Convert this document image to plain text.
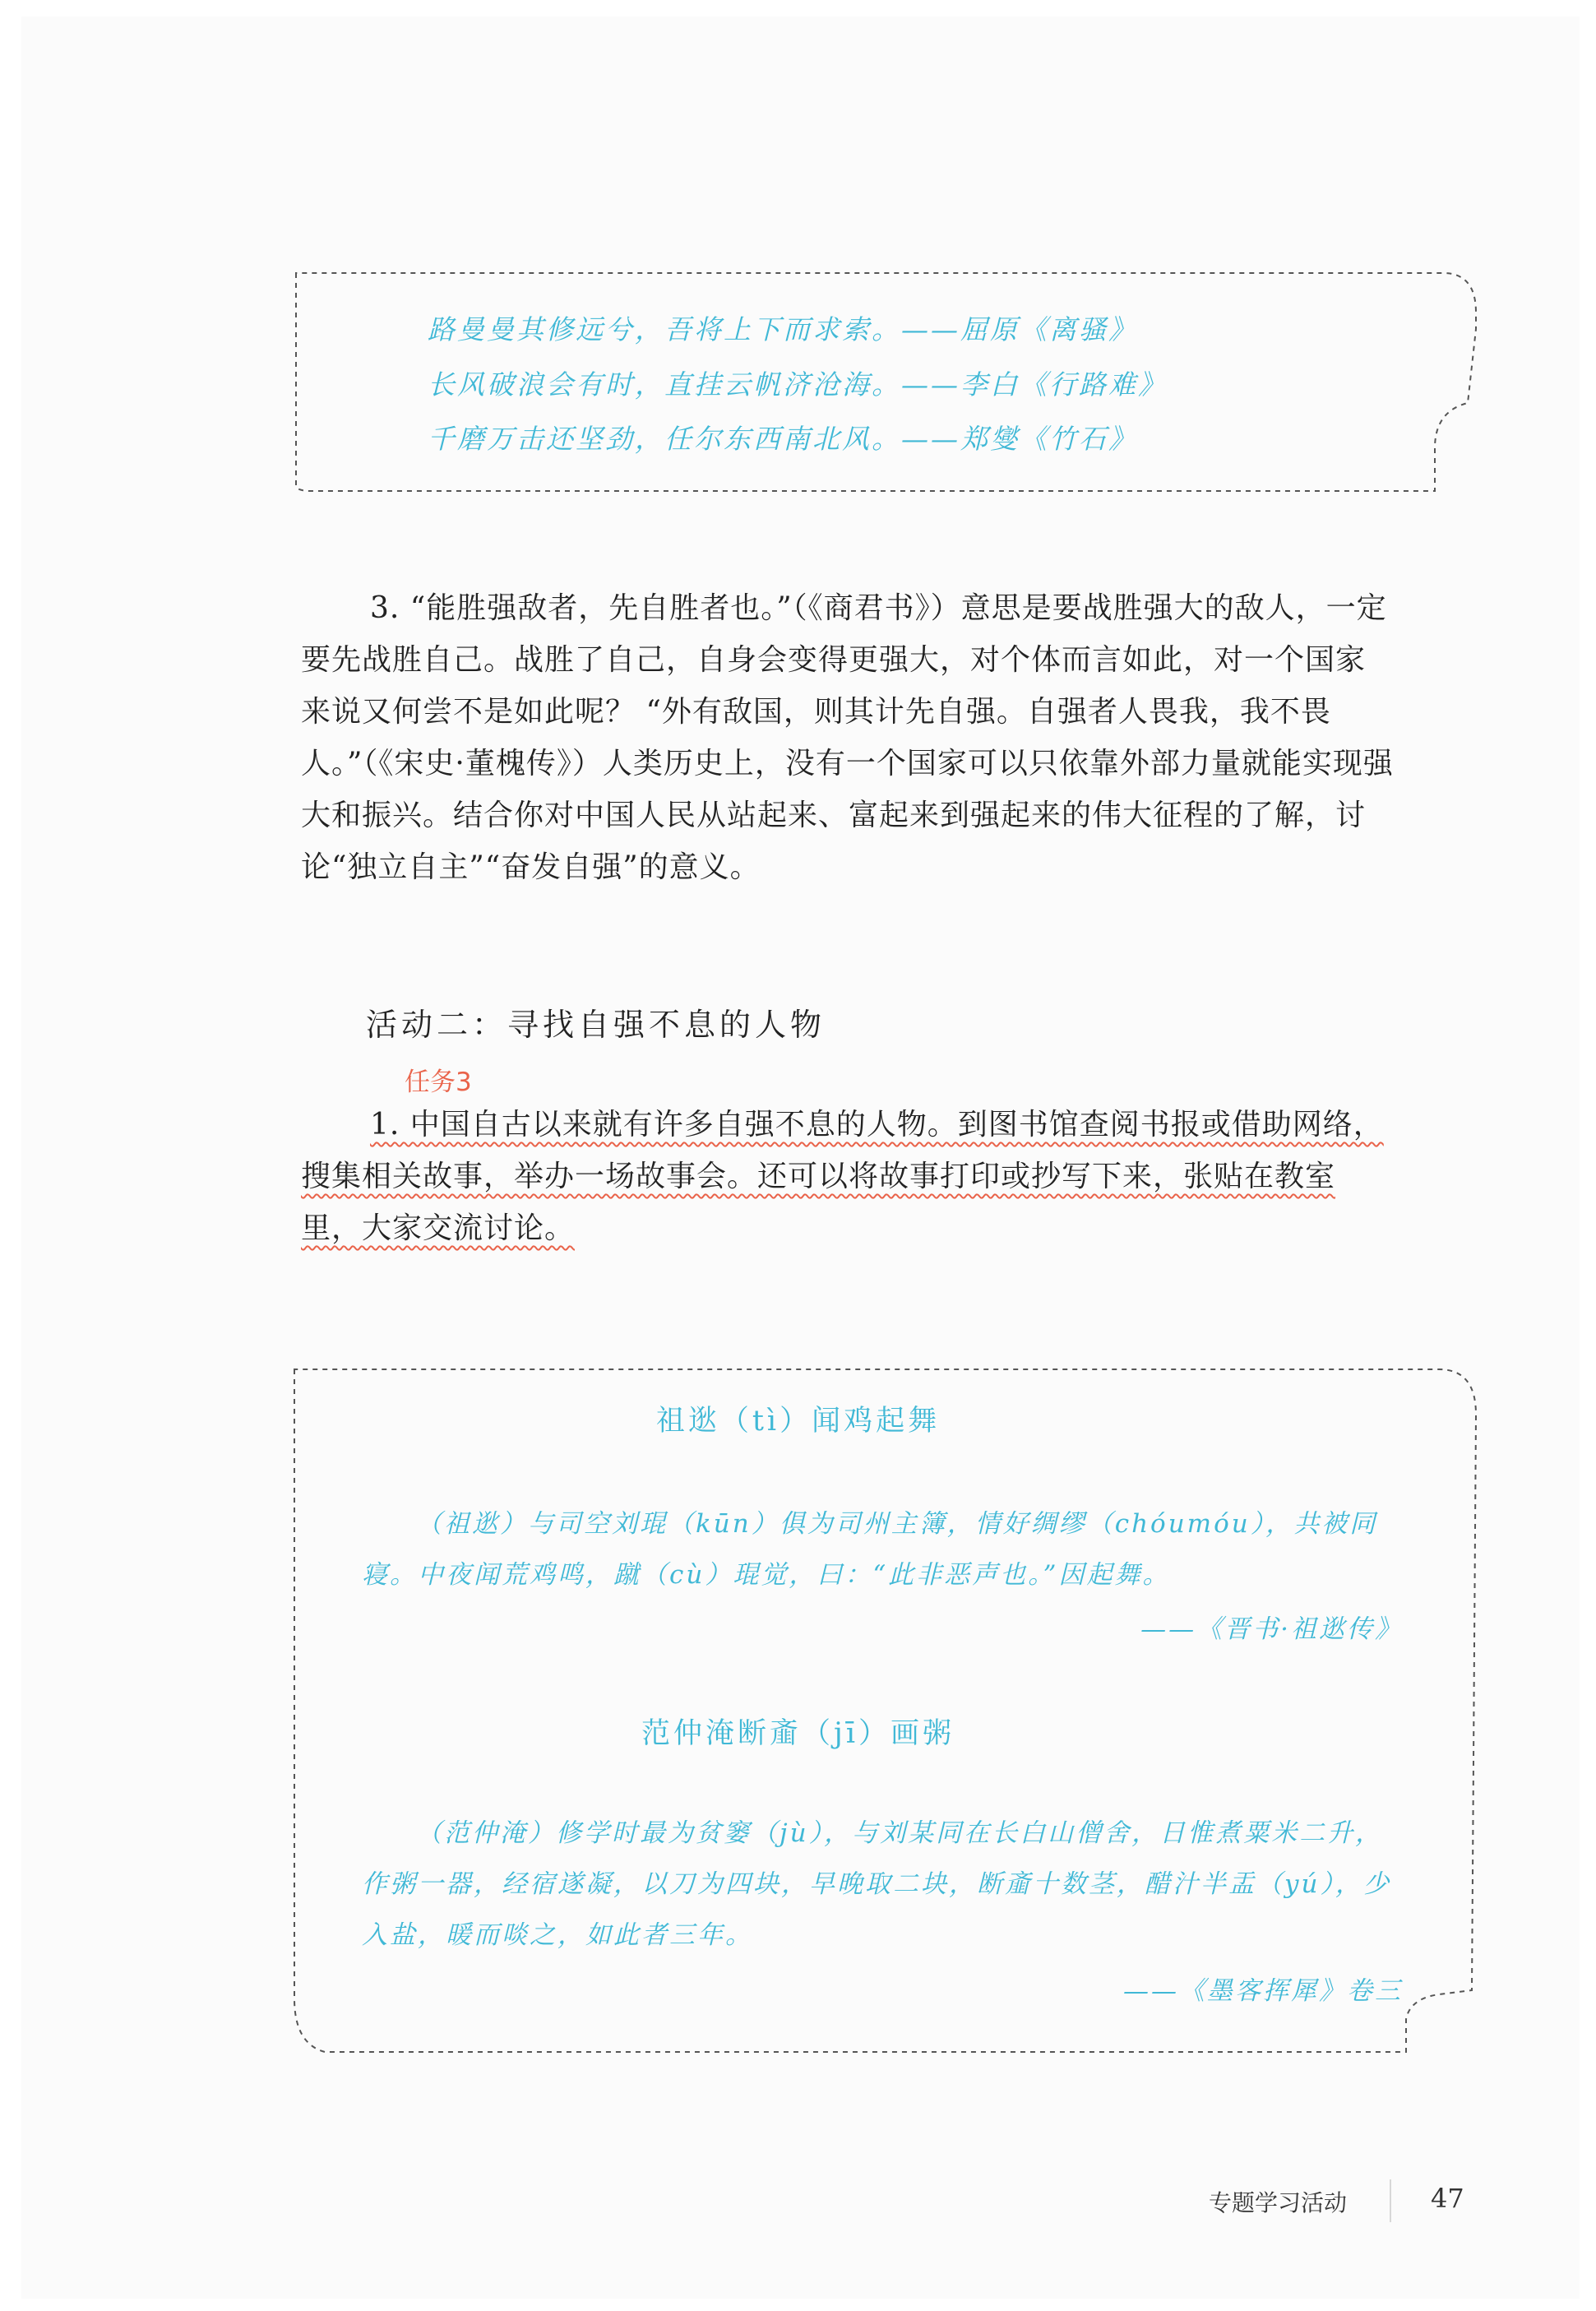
路曼曼其修远兮，吾将上下而求索。——屈原《离骚》
长风破浪会有时，直挂云帆济沧海。——李白《行路难》
千磨万击还坚劲，任尔东西南北风。——郑燮《竹石》

3. “能胜强敌者，先自胜者也。”（《商君书》）意思是要战胜强大的敌人，一定要先战胜自己。战胜了自己，自身会变得更强大，对个体而言如此，对一个国家来说又何尝不是如此呢？ “外有敌国，则其计先自强。自强者人畏我，我不畏人。”（《宋史·董槐传》）人类历史上，没有一个国家可以只依靠外部力量就能实现强大和振兴。结合你对中国人民从站起来、富起来到强起来的伟大征程的了解，讨论“独立自主”“奋发自强”的意义。

活动二：寻找自强不息的人物
任务3

1. 中国自古以来就有许多自强不息的人物。到图书馆查阅书报或借助网络，搜集相关故事，举办一场故事会。还可以将故事打印或抄写下来，张贴在教室里，大家交流讨论。

祖逖（tì）闻鸡起舞

（祖逖）与司空刘琨（kūn）俱为司州主簿，情好绸缪（chóumóu），共被同寝。中夜闻荒鸡鸣，蹴（cù）琨觉，曰：“此非恶声也。”因起舞。

——《晋书·祖逖传》
范仲淹断齑（jī）画粥

（范仲淹）修学时最为贫窭（jù），与刘某同在长白山僧舍，日惟煮粟米二升，作粥一器，经宿遂凝，以刀为四块，早晚取二块，断齑十数茎，醋汁半盂（yú），少入盐，暖而啖之，如此者三年。

——《墨客挥犀》卷三
专题学习活动	47
